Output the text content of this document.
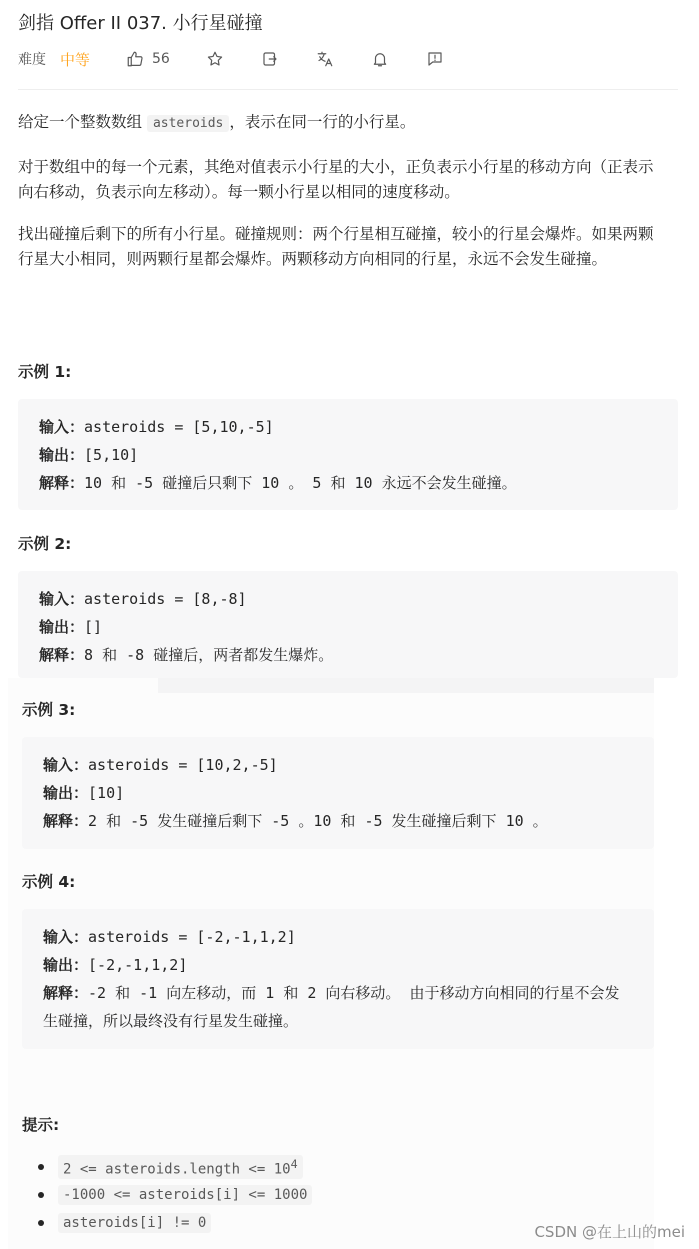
剑指 Offer II 037. 小行星碰撞
难度 中等	56
给定一个整数数组 asteroids ，表示在同一行的小行星。
对于数组中的每一个元素，其绝对值表示小行星的大小，正负表示小行星的移动方向（正表示向右移动，负表示向左移动）。每一颗小行星以相同的速度移动。
找出碰撞后剩下的所有小行星。碰撞规则：两个行星相互碰撞，较小的行星会爆炸。如果两颗行星大小相同，则两颗行星都会爆炸。两颗移动方向相同的行星，永远不会发生碰撞。
示例 1:
输入：asteroids = [5,10,-5]
输出：[5,10]
解释：10 和 -5 碰撞后只剩下 10 。 5 和 10 永远不会发生碰撞。
示例 2:
输入：asteroids = [8,-8]
输出：[]
解释：8 和 -8 碰撞后，两者都发生爆炸。
示例 3:
输入：asteroids = [10,2,-5]
输出：[10]
解释：2 和 -5 发生碰撞后剩下 -5 。10 和 -5 发生碰撞后剩下 10 。
示例 4:
输入：asteroids = [-2,-1,1,2]
输出：[-2,-1,1,2]
解释：-2 和 -1 向左移动，而 1 和 2 向右移动。 由于移动方向相同的行星不会发生碰撞，所以最终没有行星发生碰撞。
提示:
2 <= asteroids.length <= $10^4$
-1000 <= asteroids[i] <= 1000
asteroids[i] != 0	CSDN @在上山的mei
